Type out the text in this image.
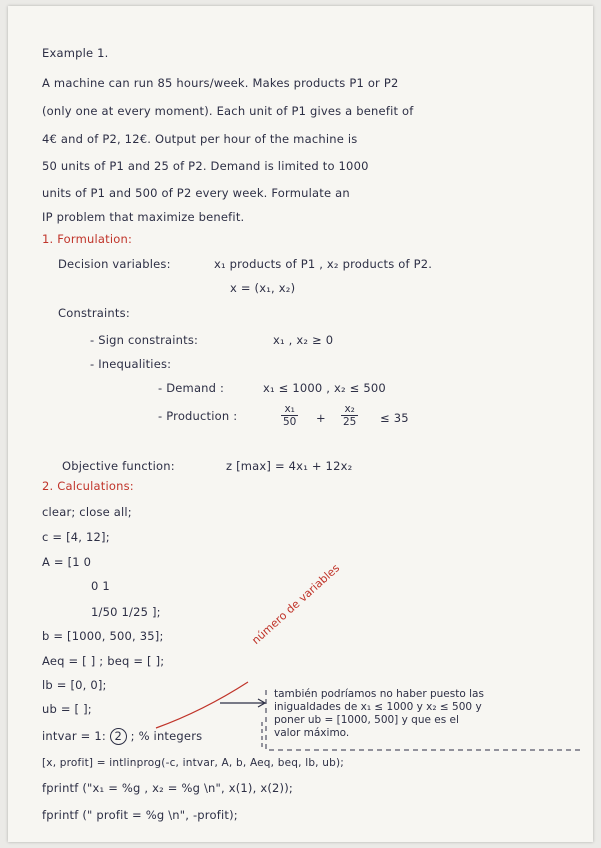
Example 1.
A machine can run 85 hours/week. Makes products P1 or P2
(only one at every moment). Each unit of P1 gives a benefit of
4€ and of P2, 12€. Output per hour of the machine is
50 units of P1 and 25 of P2. Demand is limited to 1000
units of P1 and 500 of P2 every week. Formulate an
IP problem that maximize benefit.
1. Formulation:
Decision variables:	x₁ products of P1 , x₂ products of P2.
x = (x₁, x₂)
Constraints:
- Sign constraints:	x₁ , x₂ ≥ 0
- Inequalities:
- Demand :	x₁ ≤ 1000 , x₂ ≤ 500
- Production :	$\frac{\text{x₁}}{50} + \frac{\text{x₂}}{25} \le 35$
Objective function:	z [max] = 4x₁ + 12x₂
2. Calculations:
clear; close all;
c = [4, 12];
A = [1 0
0 1
1/50 1/25 ];
b = [1000, 500, 35];
Aeq = [ ] ; beq = [ ];
lb = [0, 0];
ub = [ ];
intvar = 1: 2 ; % integers
[x, profit] = intlinprog(-c, intvar, A, b, Aeq, beq, lb, ub);
fprintf ("x₁ = %g , x₂ = %g \n", x(1), x(2));
fprintf (" profit = %g \n", -profit);
número de variables
también podríamos no haber puesto las
inigualdades de x₁ ≤ 1000 y x₂ ≤ 500 y
poner ub = [1000, 500] y que es el
valor máximo.
